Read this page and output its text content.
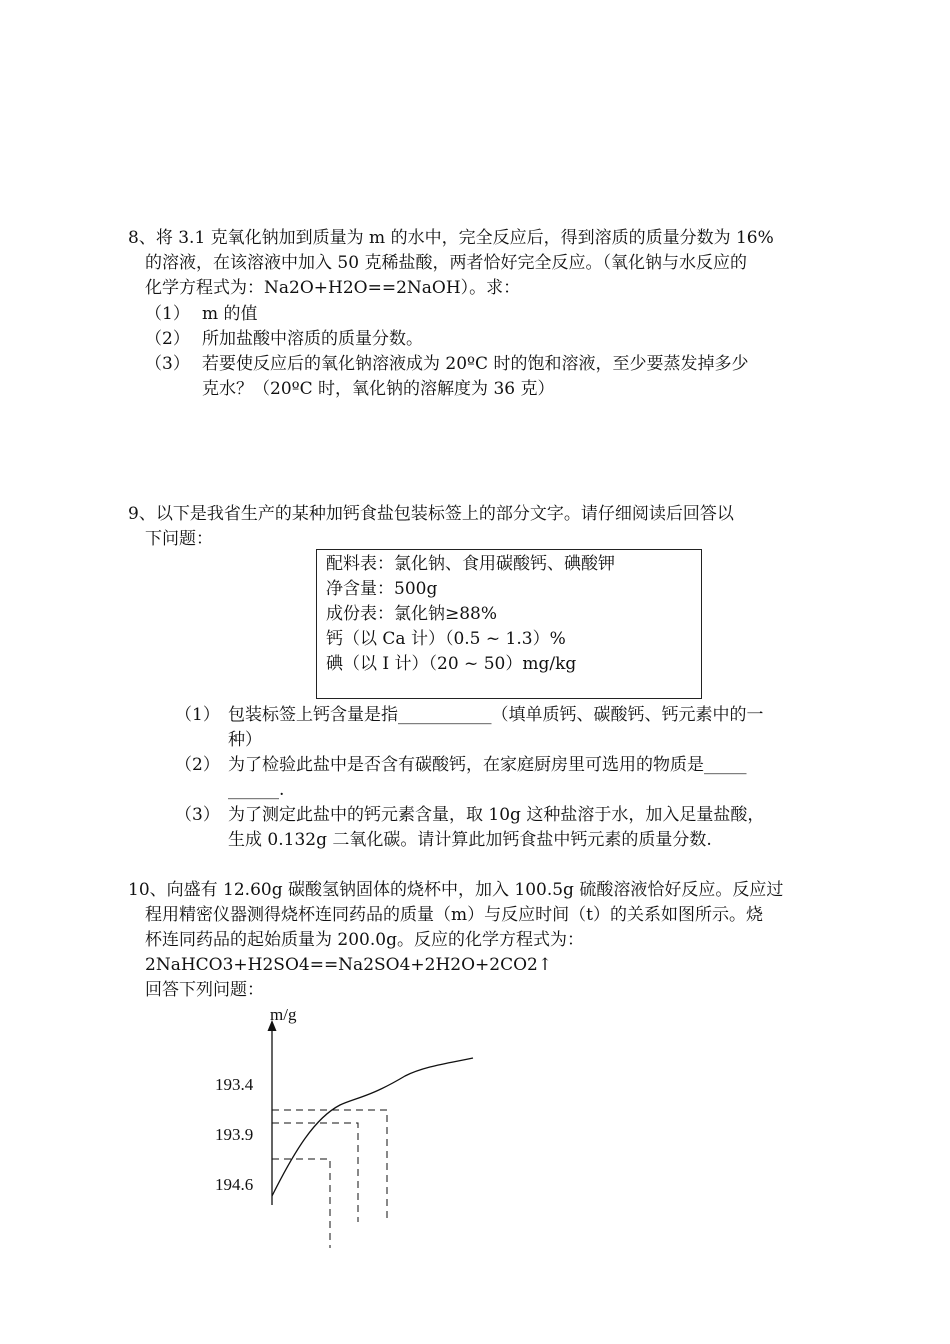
8、将 3.1 克氧化钠加到质量为 m 的水中，完全反应后，得到溶质的质量分数为 16%
的溶液，在该溶液中加入 50 克稀盐酸，两者恰好完全反应。（氧化钠与水反应的
化学方程式为：Na2O+H2O==2NaOH）。求：
（1） m 的值
（2） 所加盐酸中溶质的质量分数。
（3） 若要使反应后的氧化钠溶液成为 20ºC 时的饱和溶液，至少要蒸发掉多少
克水？（20ºC 时，氧化钠的溶解度为 36 克）
9、以下是我省生产的某种加钙食盐包装标签上的部分文字。请仔细阅读后回答以
下问题：
配料表：氯化钠、食用碳酸钙、碘酸钾
净含量：500g
成份表：氯化钠≥88%
钙（以 Ca 计）（0.5 ~ 1.3）%
碘（以 I 计）（20 ~ 50）mg/kg
（1） 包装标签上钙含量是指___________（填单质钙、碳酸钙、钙元素中的一
种）
（2） 为了检验此盐中是否含有碳酸钙，在家庭厨房里可选用的物质是_____
______.
（3） 为了测定此盐中的钙元素含量，取 10g 这种盐溶于水，加入足量盐酸，
生成 0.132g 二氧化碳。请计算此加钙食盐中钙元素的质量分数.
10、向盛有 12.60g 碳酸氢钠固体的烧杯中，加入 100.5g 硫酸溶液恰好反应。反应过
程用精密仪器测得烧杯连同药品的质量（m）与反应时间（t）的关系如图所示。烧
杯连同药品的起始质量为 200.0g。反应的化学方程式为：
2NaHCO3+H2SO4==Na2SO4+2H2O+2CO2↑
回答下列问题：
m/g
193.4
193.9
194.6
